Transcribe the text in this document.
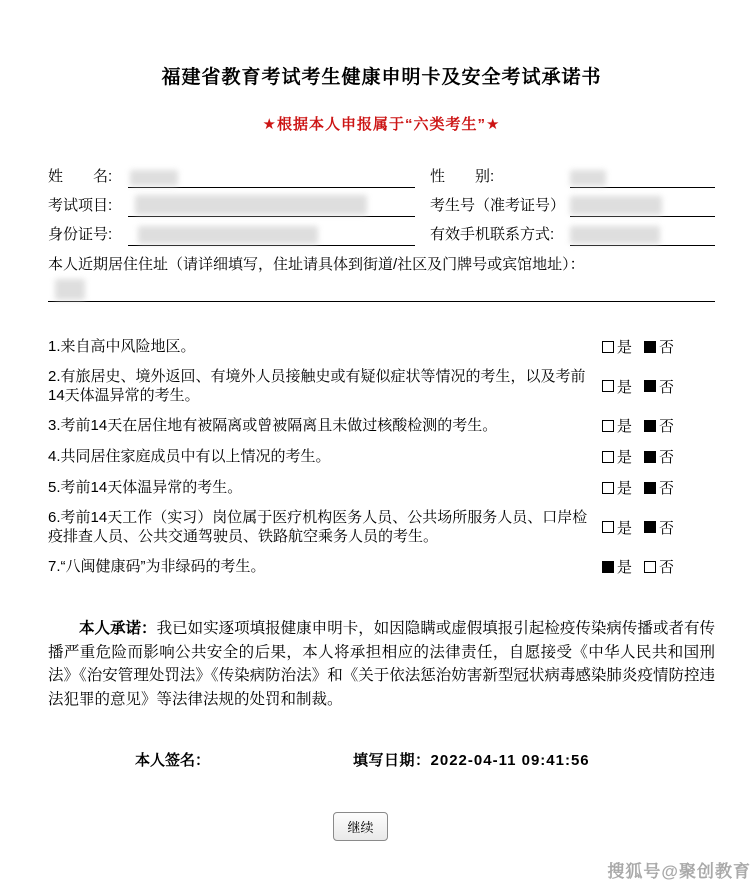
福建省教育考试考生健康申明卡及安全考试承诺书
★根据本人申报属于“六类考生”★
姓　　名:	性　　别:
考试项目:	考生号（准考证号）
身份证号:	有效手机联系方式:
本人近期居住住址（请详细填写，住址请具体到街道/社区及门牌号或宾馆地址）：
1.来自高中风险地区。	是 否
2.有旅居史、境外返回、有境外人员接触史或有疑似症状等情况的考生，以及考前14天体温异常的考生。	是 否
3.考前14天在居住地有被隔离或曾被隔离且未做过核酸检测的考生。	是 否
4.共同居住家庭成员中有以上情况的考生。	是 否
5.考前14天体温异常的考生。	是 否
6.考前14天工作（实习）岗位属于医疗机构医务人员、公共场所服务人员、口岸检疫排查人员、公共交通驾驶员、铁路航空乘务人员的考生。	是 否
7.“八闽健康码”为非绿码的考生。	是 否

本人承诺：我已如实逐项填报健康申明卡，如因隐瞒或虚假填报引起检疫传染病传播或者有传播严重危险而影响公共安全的后果，本人将承担相应的法律责任，自愿接受《中华人民共和国刑法》《治安管理处罚法》《传染病防治法》和《关于依法惩治妨害新型冠状病毒感染肺炎疫情防控违法犯罪的意见》等法律法规的处罚和制裁。

本人签名：	填写日期：2022-04-11 09:41:56
继续
搜狐号@聚创教育
